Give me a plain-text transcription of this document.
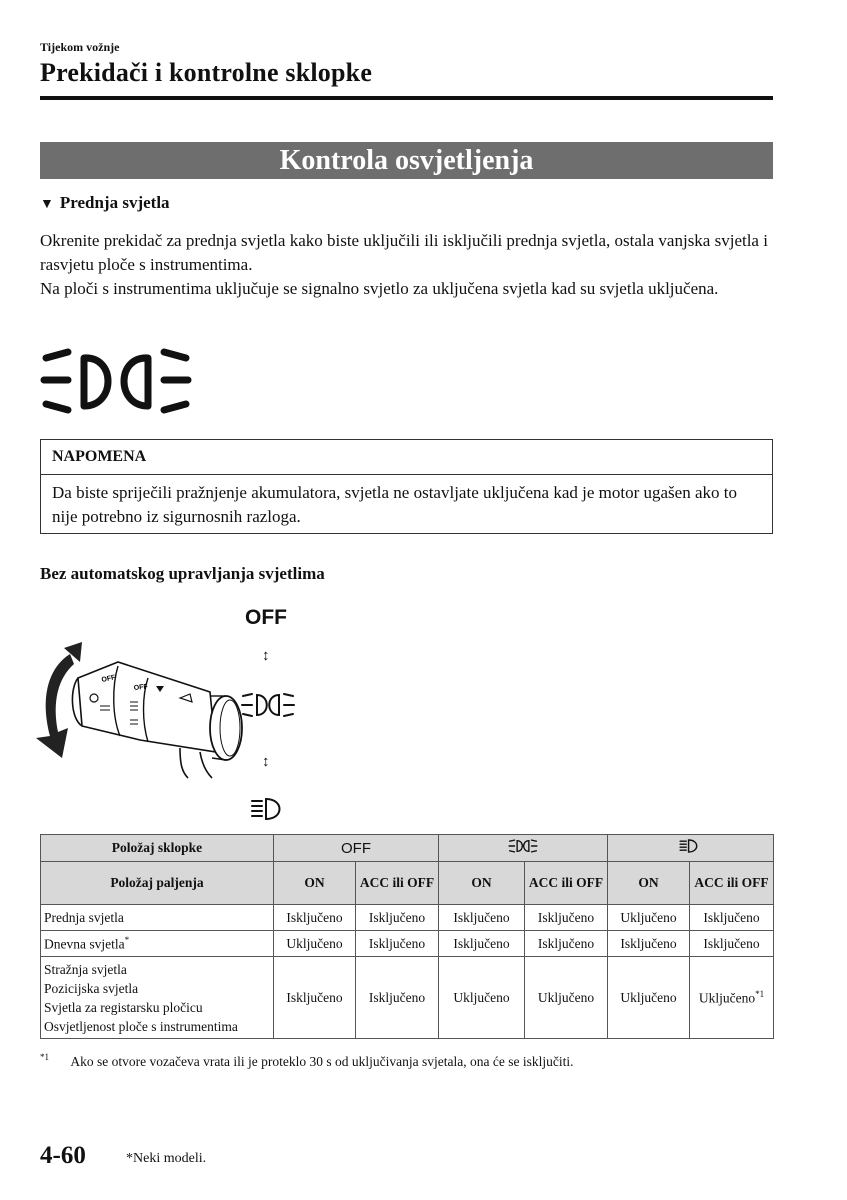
Tijekom vožnje
Prekidači i kontrolne sklopke
Kontrola osvjetljenja
▼ Prednja svjetla
Okrenite prekidač za prednja svjetla kako biste uključili ili isključili prednja svjetla, ostala vanjska svjetla i rasvjetu ploče s instrumentima.
Na ploči s instrumentima uključuje se signalno svjetlo za uključena svjetla kad su svjetla uključena.
NAPOMENA
Da biste spriječili pražnjenje akumulatora, svjetla ne ostavljate uključena kad je motor ugašen ako to nije potrebno iz sigurnosnih razloga.
Bez automatskog upravljanja svjetlima
OFF
OFF
OFF
↕
↕
Položaj sklopke	OFF		
Položaj paljenja	ON	ACC ili OFF	ON	ACC ili OFF	ON	ACC ili OFF
Prednja svjetla	Isključeno	Isključeno	Isključeno	Isključeno	Uključeno	Isključeno
Dnevna svjetla*	Uključeno	Isključeno	Isključeno	Isključeno	Isključeno	Isključeno

Stražnja svjetla
Pozicijska svjetla
Svjetla za registarsku pločicu
Osvjetljenost ploče s instrumentima	Isključeno	Isključeno	Uključeno	Uključeno	Uključeno	Uključeno$^{*1}$
$^{*1}$ Ako se otvore vozačeva vrata ili je proteklo 30 s od uključivanja svjetala, ona će se isključiti.
4-60	*Neki modeli.
